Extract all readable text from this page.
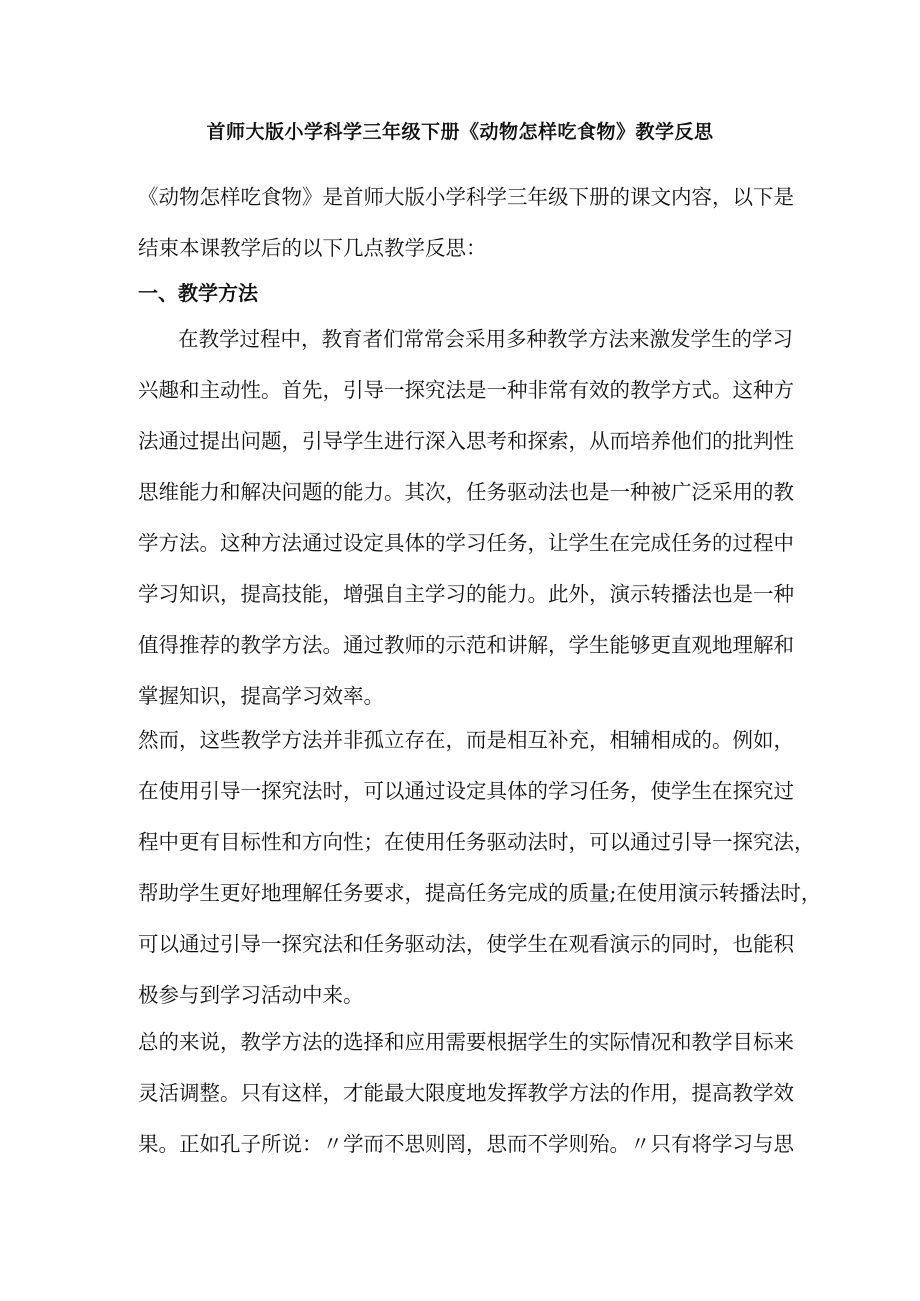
首师大版小学科学三年级下册《动物怎样吃食物》教学反思
《动物怎样吃食物》是首师大版小学科学三年级下册的课文内容，以下是
结束本课教学后的以下几点教学反思：
一、教学方法
在教学过程中，教育者们常常会采用多种教学方法来激发学生的学习
兴趣和主动性。首先，引导一探究法是一种非常有效的教学方式。这种方
法通过提出问题，引导学生进行深入思考和探索，从而培养他们的批判性
思维能力和解决问题的能力。其次，任务驱动法也是一种被广泛采用的教
学方法。这种方法通过设定具体的学习任务，让学生在完成任务的过程中
学习知识，提高技能，增强自主学习的能力。此外，演示转播法也是一种
值得推荐的教学方法。通过教师的示范和讲解，学生能够更直观地理解和
掌握知识，提高学习效率。
然而，这些教学方法并非孤立存在，而是相互补充，相辅相成的。例如，
在使用引导一探究法时，可以通过设定具体的学习任务，使学生在探究过
程中更有目标性和方向性；在使用任务驱动法时，可以通过引导一探究法，
帮助学生更好地理解任务要求，提高任务完成的质量;在使用演示转播法时，
可以通过引导一探究法和任务驱动法，使学生在观看演示的同时，也能积
极参与到学习活动中来。
总的来说，教学方法的选择和应用需要根据学生的实际情况和教学目标来
灵活调整。只有这样，才能最大限度地发挥教学方法的作用，提高教学效
果。正如孔子所说：〃学而不思则罔，思而不学则殆。〃只有将学习与思
